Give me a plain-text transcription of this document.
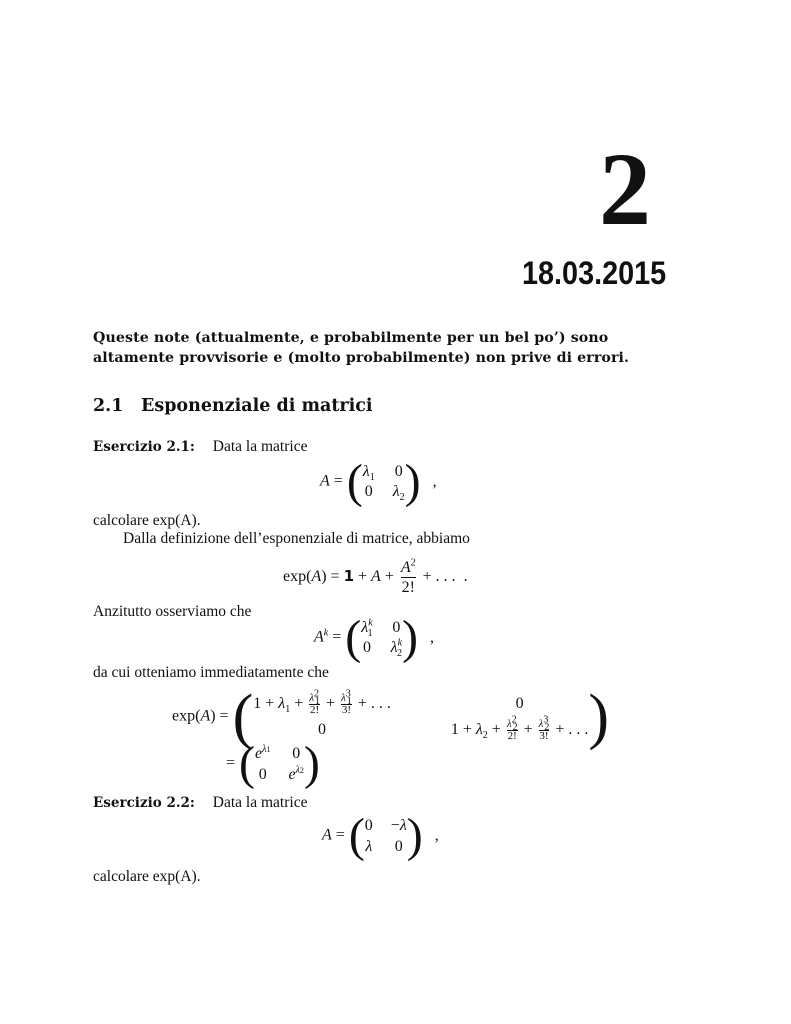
2
18.03.2015
Queste note (attualmente, e probabilmente per un bel po’) sono altamente provvisorie e (molto probabilmente) non prive di errori.
2.1 Esponenziale di matrici
Esercizio 2.1: Data la matrice
A = ( $\lambda_1$ 0
0 $\lambda_2$ ) ,
calcolare exp(A).
Dalla definizione dell’esponenziale di matrice, abbiamo
$\exp(A) = 1 + A + \frac{A^2}{2!}$ + . . .  .
Anzitutto osserviamo che
$A^k$ = ( $\lambda^k_1$ 0
0 $\lambda^k_2$ ) ,
da cui otteniamo immediatamente che
exp(A) = ( $1 + \lambda_1 + \frac{\lambda^2_1}{2!} + \frac{\lambda^3_1}{3!}$ + . . .	0
0	$1 + \lambda_2 + \frac{\lambda^2_2}{2!} + \frac{\lambda^3_2}{3!}$ + . . . )
= ( $e^{\lambda 1}$ 0
0 $e^{\lambda 2}$ )
Esercizio 2.2: Data la matrice
A = ( 0 −λ
λ 0 ) ,
calcolare exp(A).
